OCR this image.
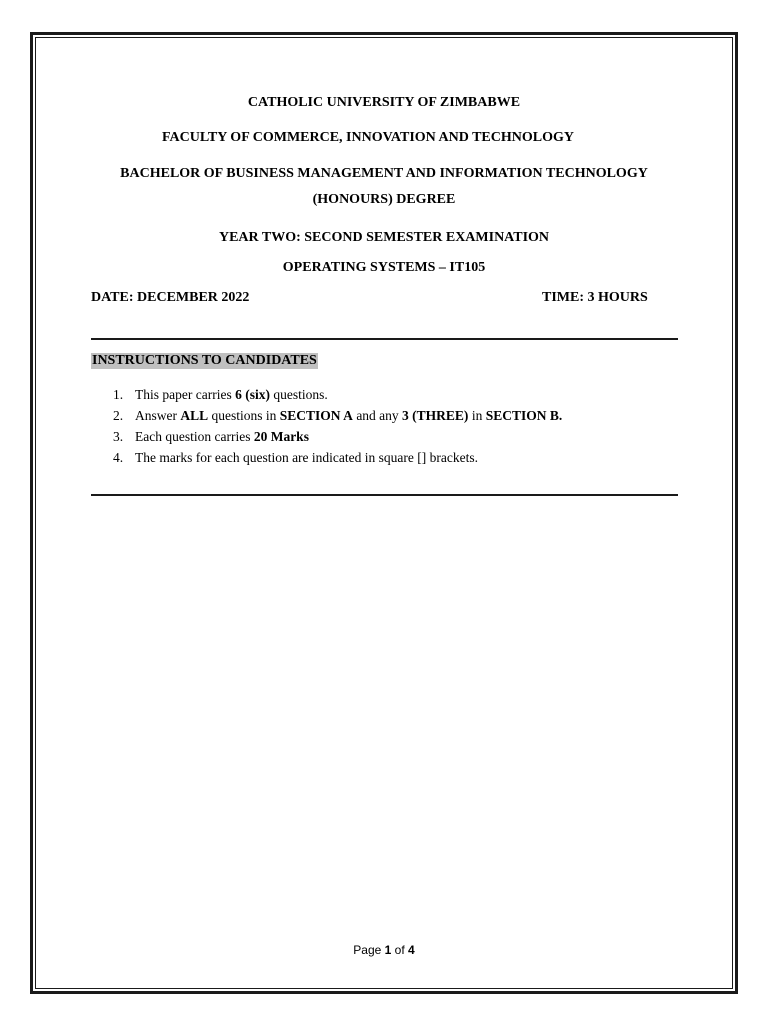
CATHOLIC UNIVERSITY OF ZIMBABWE
FACULTY OF COMMERCE, INNOVATION AND TECHNOLOGY
BACHELOR OF BUSINESS MANAGEMENT AND INFORMATION TECHNOLOGY
(HONOURS) DEGREE
YEAR TWO: SECOND SEMESTER EXAMINATION
OPERATING SYSTEMS – IT105
DATE: DECEMBER 2022	TIME: 3 HOURS
INSTRUCTIONS TO CANDIDATES
1. This paper carries 6 (six) questions.
2. Answer ALL questions in SECTION A and any 3 (THREE) in SECTION B.
3. Each question carries 20 Marks
4. The marks for each question are indicated in square [] brackets.
Page 1 of 4
